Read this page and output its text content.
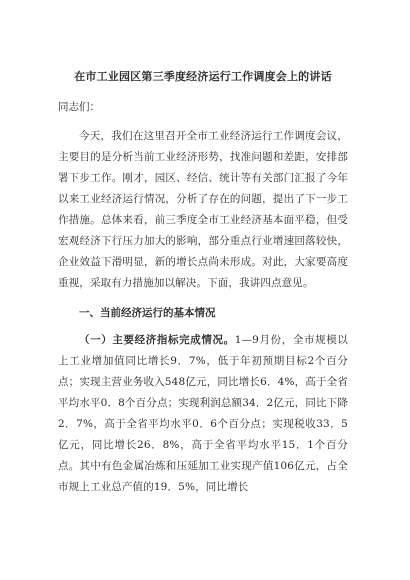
在市工业园区第三季度经济运行工作调度会上的讲话

同志们：

今天，我们在这里召开全市工业经济运行工作调度会议，主要目的是分析当前工业经济形势，找准问题和差距，安排部署下步工作。刚才，园区、经信、统计等有关部门汇报了今年以来工业经济运行情况，分析了存在的问题，提出了下一步工作措施。总体来看，前三季度全市工业经济基本面平稳，但受宏观经济下行压力加大的影响，部分重点行业增速回落较快，企业效益下滑明显，新的增长点尚未形成。对此，大家要高度重视，采取有力措施加以解决。下面，我讲四点意见。

一、当前经济运行的基本情况

（一）主要经济指标完成情况。1—9月份，全市规模以上工业增加值同比增长9．7%，低于年初预期目标2个百分点；实现主营业务收入548亿元，同比增长6．4%，高于全省平均水平0．8个百分点；实现利润总额34．2亿元，同比下降2．7%，高于全省平均水平0．6个百分点；实现税收33．5亿元，同比增长26．8%，高于全省平均水平15．1个百分点。其中有色金属冶炼和压延加工业实现产值106亿元，占全市规上工业总产值的19．5%，同比增长
